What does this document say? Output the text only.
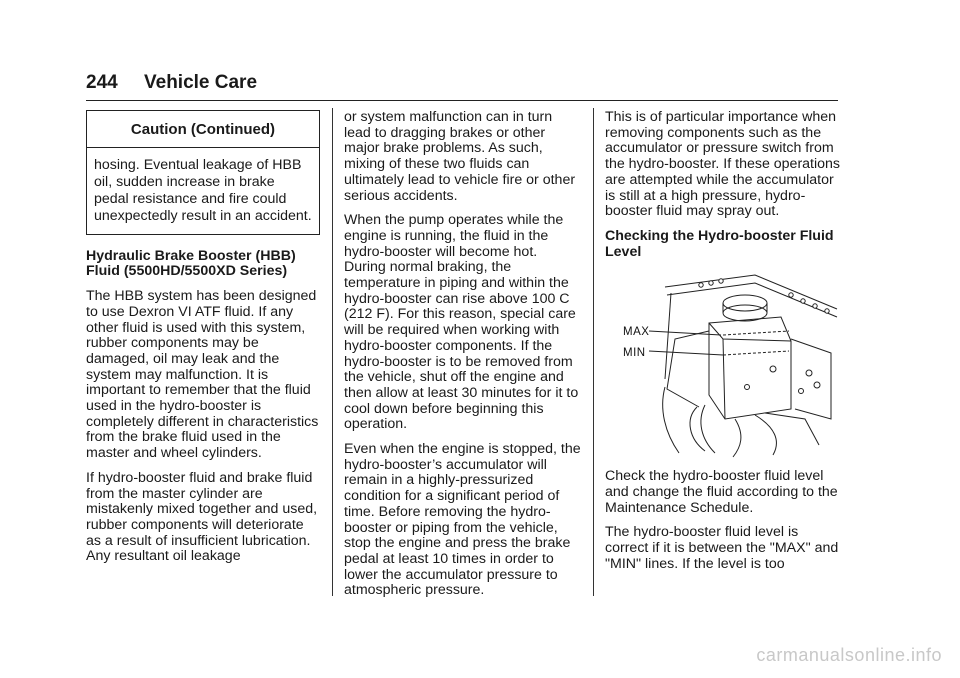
244 Vehicle Care
Caution (Continued)
hosing. Eventual leakage of HBB oil, sudden increase in brake pedal resistance and fire could unexpectedly result in an accident.
Hydraulic Brake Booster (HBB) Fluid (5500HD/5500XD Series)

The HBB system has been designed to use Dexron VI ATF fluid. If any other fluid is used with this system, rubber components may be damaged, oil may leak and the system may malfunction. It is important to remember that the fluid used in the hydro-booster is completely different in characteristics from the brake fluid used in the master and wheel cylinders.

If hydro-booster fluid and brake fluid from the master cylinder are mistakenly mixed together and used, rubber components will deteriorate as a result of insufficient lubrication. Any resultant oil leakage

or system malfunction can in turn lead to dragging brakes or other major brake problems. As such, mixing of these two fluids can ultimately lead to vehicle fire or other serious accidents.

When the pump operates while the engine is running, the fluid in the hydro-booster will become hot. During normal braking, the temperature in piping and within the hydro-booster can rise above 100 C (212 F). For this reason, special care will be required when working with hydro-booster components. If the hydro-booster is to be removed from the vehicle, shut off the engine and then allow at least 30 minutes for it to cool down before beginning this operation.

Even when the engine is stopped, the hydro-booster’s accumulator will remain in a highly-pressurized condition for a significant period of time. Before removing the hydro-booster or piping from the vehicle, stop the engine and press the brake pedal at least 10 times in order to lower the accumulator pressure to atmospheric pressure.

This is of particular importance when removing components such as the accumulator or pressure switch from the hydro-booster. If these operations are attempted while the accumulator is still at a high pressure, hydro-booster fluid may spray out.

Checking the Hydro-booster Fluid Level
MAX
MIN

Check the hydro-booster fluid level and change the fluid according to the Maintenance Schedule.

The hydro-booster fluid level is correct if it is between the "MAX" and "MIN" lines. If the level is too

carmanualsonline.info
